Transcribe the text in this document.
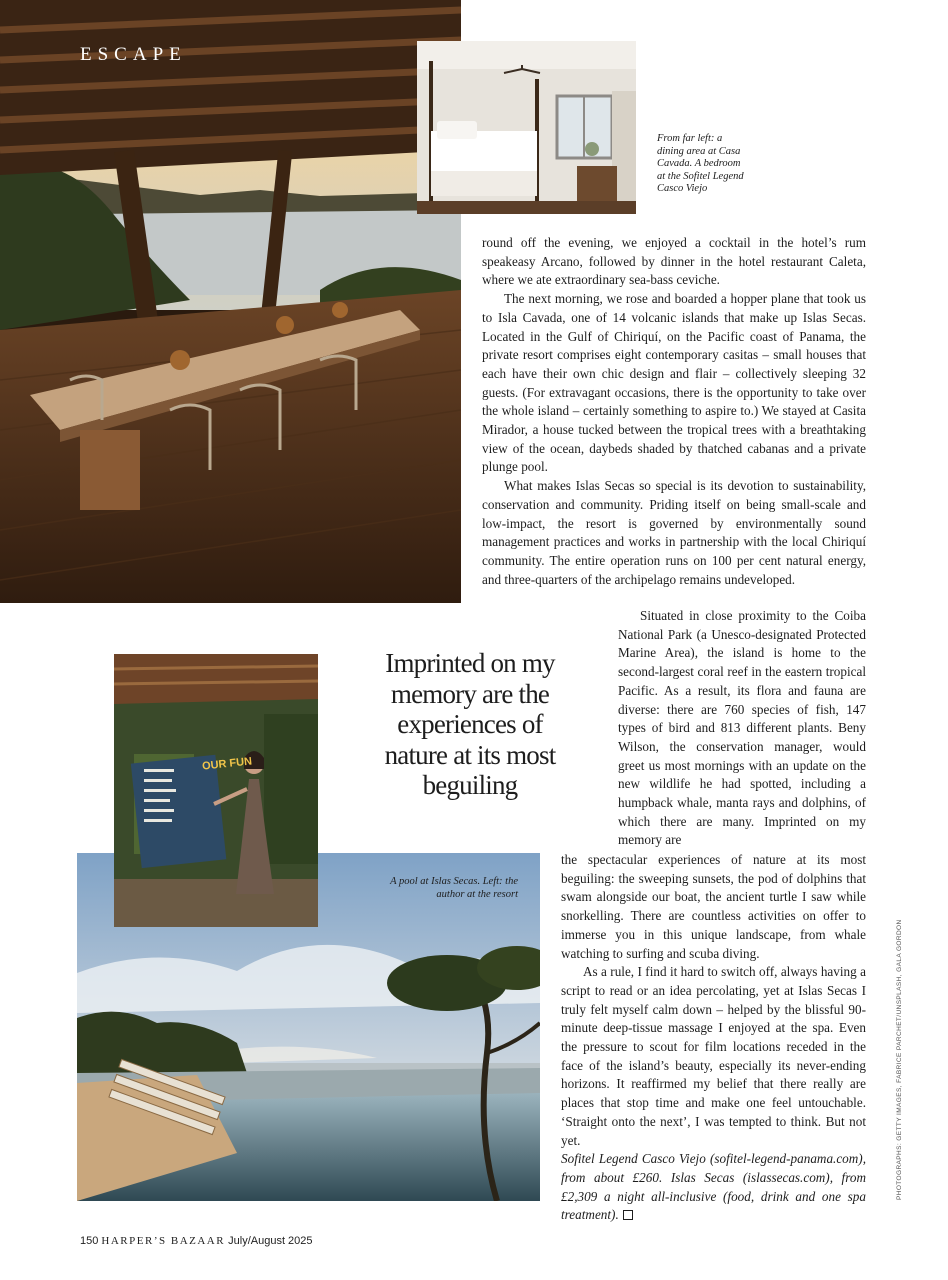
ESCAPE

From far left: a dining area at Casa Cavada. A bedroom at the Sofitel Legend Casco Viejo

round off the evening, we enjoyed a cocktail in the hotel’s rum speakeasy Arcano, followed by dinner in the hotel restaurant Caleta, where we ate extraordinary sea-bass ceviche.

The next morning, we rose and boarded a hopper plane that took us to Isla Cavada, one of 14 volcanic islands that make up Islas Secas. Located in the Gulf of Chiriquí, on the Pacific coast of Panama, the private resort comprises eight contemporary casitas – small houses that each have their own chic design and flair – collectively sleeping 32 guests. (For extravagant occasions, there is the opportunity to take over the whole island – certainly something to aspire to.) We stayed at Casita Mirador, a house tucked between the tropical trees with a breathtaking view of the ocean, daybeds shaded by thatched cabanas and a private plunge pool.

What makes Islas Secas so special is its devotion to sustainability, conservation and community. Priding itself on being small-scale and low-impact, the resort is governed by environmentally sound management practices and works in partnership with the local Chiriquí community. The entire operation runs on 100 per cent natural energy, and three-quarters of the archipelago remains undeveloped.

Situated in close proximity to the Coiba National Park (a Unesco-designated Protected Marine Area), the island is home to the second-largest coral reef in the eastern tropical Pacific. As a result, its flora and fauna are diverse: there are 760 species of fish, 147 types of bird and 813 different plants. Beny Wilson, the conservation manager, would greet us most mornings with an update on the new wildlife he had spotted, including a humpback whale, manta rays and dolphins, of which there are many. Imprinted on my memory are

Imprinted on my memory are the experiences of nature at its most beguiling
OUR FUN

A pool at Islas Secas. Left: the author at the resort

the spectacular experiences of nature at its most beguiling: the sweeping sunsets, the pod of dolphins that swam alongside our boat, the ancient turtle I saw while snorkelling. There are countless activities on offer to immerse you in this unique landscape, from whale watching to surfing and scuba diving.

As a rule, I find it hard to switch off, always having a script to read or an idea percolating, yet at Islas Secas I truly felt myself calm down – helped by the blissful 90-minute deep-tissue massage I enjoyed at the spa. Even the pressure to scout for film locations receded in the face of the island’s beauty, especially its never-ending horizons. It reaffirmed my belief that there really are places that stop time and make one feel untouchable. ‘Straight onto the next’, I was tempted to think. But not yet.

Sofitel Legend Casco Viejo (sofitel-legend-panama.com), from about £260. Islas Secas (islassecas.com), from £2,309 a night all-inclusive (food, drink and one spa treatment).

PHOTOGRAPHS: GETTY IMAGES, FABRICE PARCHET/UNSPLASH, GALA GORDON
150 HARPER’S BAZAAR July/August 2025
